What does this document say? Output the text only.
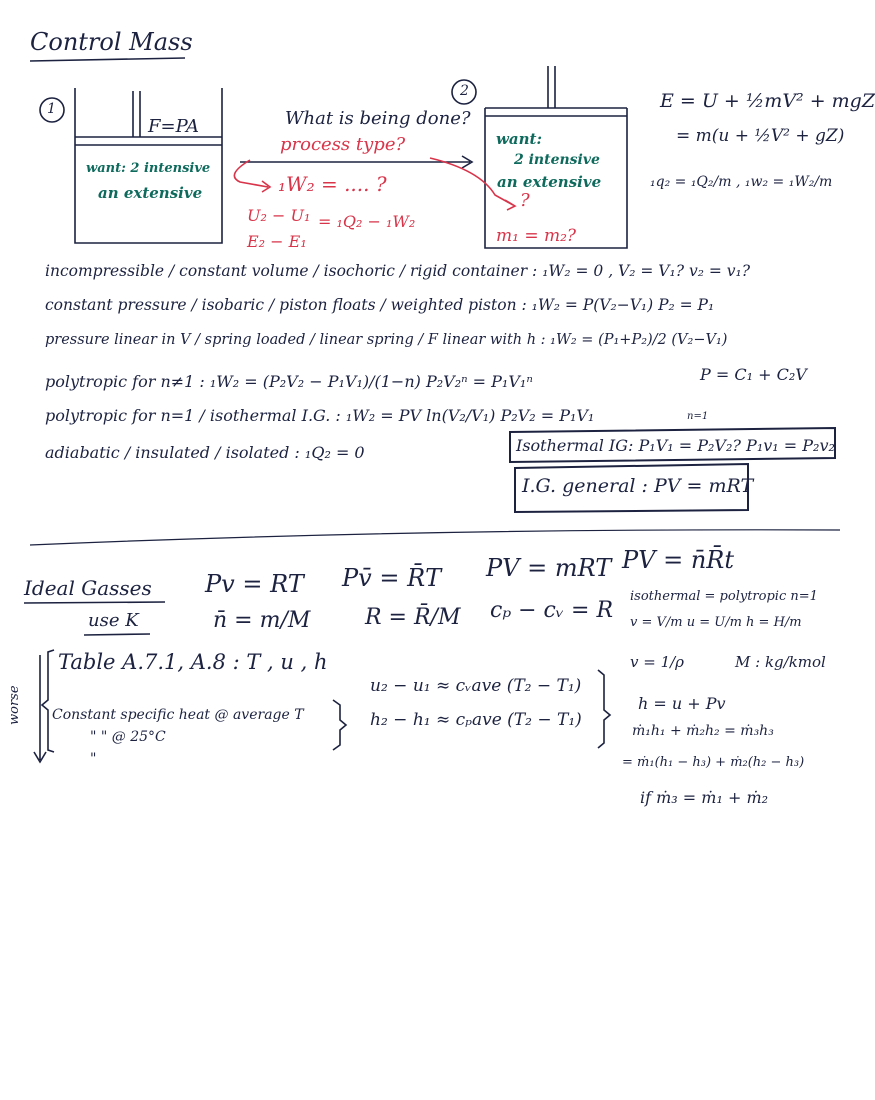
Control Mass
1
F=PA
want: 2 intensive
an extensive
2
What is being done?
process type?
₁W₂ = .... ?
U₂ − U₁
E₂ − E₁
= ₁Q₂ − ₁W₂
want:
2 intensive
an extensive
?
m₁ = m₂?
E = U + ½mV² + mgZ
= m(u + ½V² + gZ)
₁q₂ = ₁Q₂/m , ₁w₂ = ₁W₂/m
incompressible / constant volume / isochoric / rigid container : ₁W₂ = 0 , V₂ = V₁? v₂ = v₁?
constant pressure / isobaric / piston floats / weighted piston : ₁W₂ = P(V₂−V₁) P₂ = P₁
pressure linear in V / spring loaded / linear spring / F linear with h : ₁W₂ = (P₁+P₂)/2 (V₂−V₁)
P = C₁ + C₂V
polytropic for n≠1 : ₁W₂ = (P₂V₂ − P₁V₁)/(1−n) P₂V₂ⁿ = P₁V₁ⁿ
polytropic for n=1 / isothermal I.G. : ₁W₂ = PV ln(V₂/V₁) P₂V₂ = P₁V₁
adiabatic / insulated / isolated : ₁Q₂ = 0
n=1
Isothermal IG: P₁V₁ = P₂V₂? P₁v₁ = P₂v₂
I.G. general : PV = mRT
Ideal Gasses
use K
Pv = RT Pv̄ = R̄T PV = mRT PV = n̄R̄t
n̄ = m/M R = R̄/M cₚ − cᵥ = R
worse
Table A.7.1, A.8 : T , u , h
Constant specific heat @ average T
" " @ 25°C
"
u₂ − u₁ ≈ cᵥave (T₂ − T₁)
h₂ − h₁ ≈ cₚave (T₂ − T₁)
isothermal = polytropic n=1
v = V/m u = U/m h = H/m
v = 1/ρ	M : kg/kmol
h = u + Pv
ṁ₁h₁ + ṁ₂h₂ = ṁ₃h₃
= ṁ₁(h₁ − h₃) + ṁ₂(h₂ − h₃)
if ṁ₃ = ṁ₁ + ṁ₂
